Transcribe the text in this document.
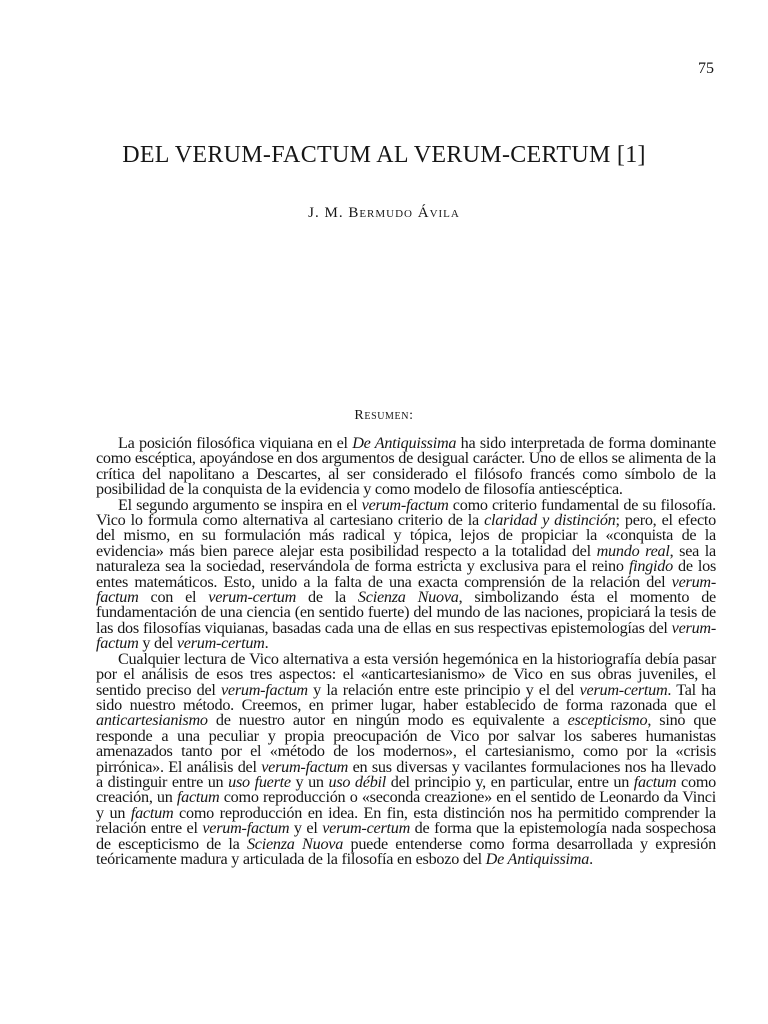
75
DEL VERUM-FACTUM AL VERUM-CERTUM [1]
J. M. Bermudo Ávila
Resumen:

La posición filosófica viquiana en el De Antiquissima ha sido interpretada de forma dominante como escéptica, apoyándose en dos argumentos de desigual carácter. Uno de ellos se alimenta de la crítica del napolitano a Descartes, al ser considerado el filósofo francés como símbolo de la posibilidad de la conquista de la evidencia y como modelo de filosofía antiescéptica.

El segundo argumento se inspira en el verum-factum como criterio fundamental de su filosofía. Vico lo formula como alternativa al cartesiano criterio de la claridad y distinción; pero, el efecto del mismo, en su formulación más radical y tópica, lejos de propiciar la «conquista de la evidencia» más bien parece alejar esta posibilidad respecto a la totalidad del mundo real, sea la naturaleza sea la sociedad, reservándola de forma estricta y exclusiva para el reino fingido de los entes matemáticos. Esto, unido a la falta de una exacta comprensión de la relación del verum-factum con el verum-certum de la Scienza Nuova, simbolizando ésta el momento de fundamentación de una ciencia (en sentido fuerte) del mundo de las naciones, propiciará la tesis de las dos filosofías viquianas, basadas cada una de ellas en sus respectivas epistemologías del verum-factum y del verum-certum.

Cualquier lectura de Vico alternativa a esta versión hegemónica en la historiografía debía pasar por el análisis de esos tres aspectos: el «anticartesianismo» de Vico en sus obras juveniles, el sentido preciso del verum-factum y la relación entre este principio y el del verum-certum. Tal ha sido nuestro método. Creemos, en primer lugar, haber establecido de forma razonada que el anticartesianismo de nuestro autor en ningún modo es equivalente a escepticismo, sino que responde a una peculiar y propia preocupación de Vico por salvar los saberes humanistas amenazados tanto por el «método de los modernos», el cartesianismo, como por la «crisis pirrónica». El análisis del verum-factum en sus diversas y vacilantes formulaciones nos ha llevado a distinguir entre un uso fuerte y un uso débil del principio y, en particular, entre un factum como creación, un factum como reproducción o «seconda creazione» en el sentido de Leonardo da Vinci y un factum como reproducción en idea. En fin, esta distinción nos ha permitido comprender la relación entre el verum-factum y el verum-certum de forma que la epistemología nada sospechosa de escepticismo de la Scienza Nuova puede entenderse como forma desarrollada y expresión teóricamente madura y articulada de la filosofía en esbozo del De Antiquissima.
